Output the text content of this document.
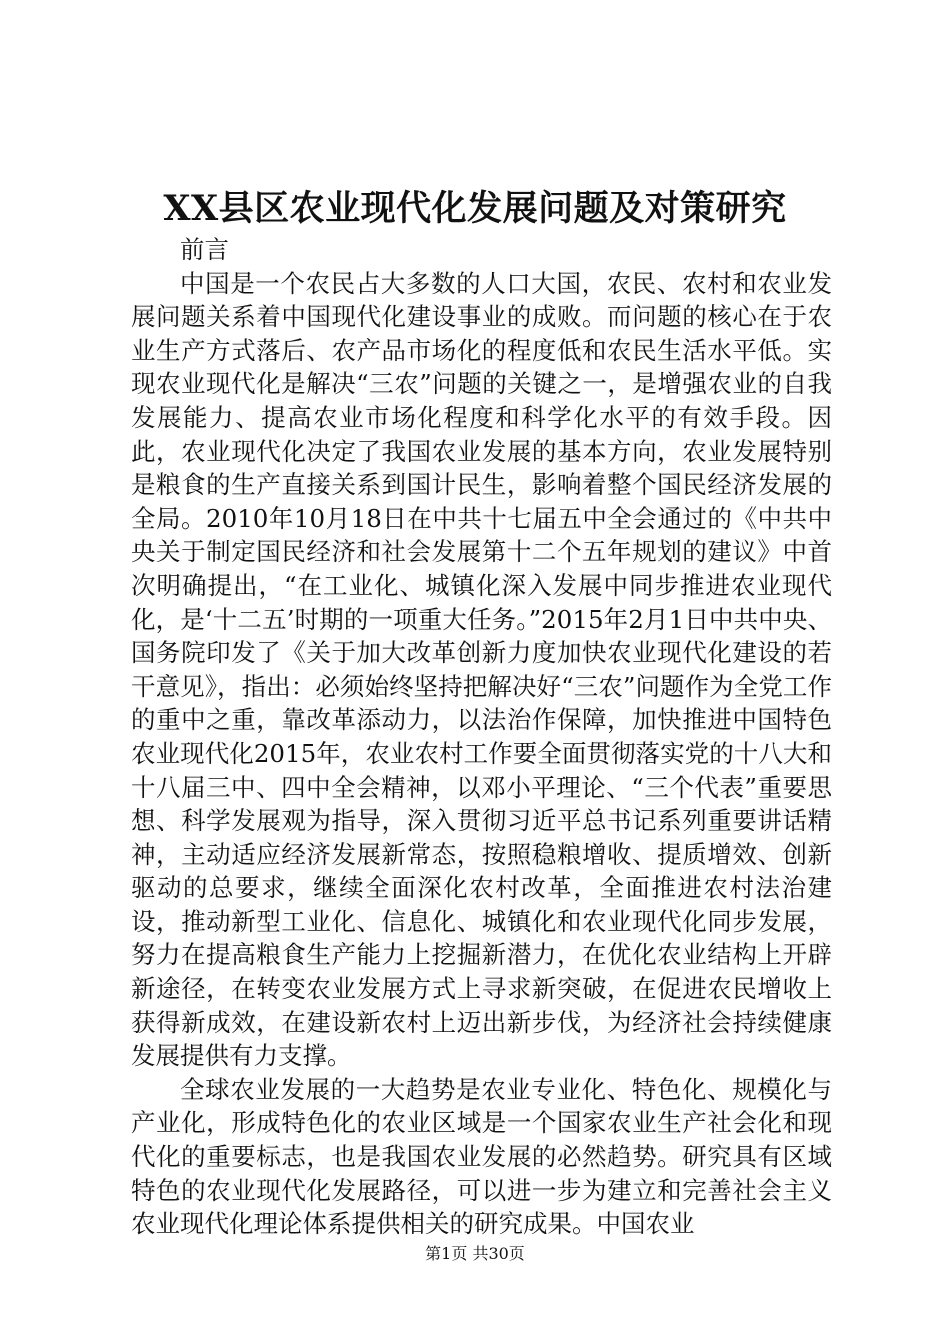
XX县区农业现代化发展问题及对策研究

前言

中国是一个农民占大多数的人口大国，农民、农村和农业发展问题关系着中国现代化建设事业的成败。而问题的核心在于农业生产方式落后、农产品市场化的程度低和农民生活水平低。实现农业现代化是解决“三农”问题的关键之一，是增强农业的自我发展能力、提高农业市场化程度和科学化水平的有效手段。因此，农业现代化决定了我国农业发展的基本方向，农业发展特别是粮食的生产直接关系到国计民生，影响着整个国民经济发展的全局。2010年10月18日在中共十七届五中全会通过的《中共中央关于制定国民经济和社会发展第十二个五年规划的建议》中首次明确提出，“在工业化、城镇化深入发展中同步推进农业现代化，是‘十二五’时期的一项重大任务。”2015年2月1日中共中央、国务院印发了《关于加大改革创新力度加快农业现代化建设的若干意见》，指出：必须始终坚持把解决好“三农”问题作为全党工作的重中之重，靠改革添动力，以法治作保障，加快推进中国特色农业现代化2015年，农业农村工作要全面贯彻落实党的十八大和十八届三中、四中全会精神，以邓小平理论、“三个代表”重要思想、科学发展观为指导，深入贯彻习近平总书记系列重要讲话精神，主动适应经济发展新常态，按照稳粮增收、提质增效、创新驱动的总要求，继续全面深化农村改革，全面推进农村法治建设，推动新型工业化、信息化、城镇化和农业现代化同步发展，努力在提高粮食生产能力上挖掘新潜力，在优化农业结构上开辟新途径，在转变农业发展方式上寻求新突破，在促进农民增收上获得新成效，在建设新农村上迈出新步伐，为经济社会持续健康发展提供有力支撑。

全球农业发展的一大趋势是农业专业化、特色化、规模化与产业化，形成特色化的农业区域是一个国家农业生产社会化和现代化的重要标志，也是我国农业发展的必然趋势。研究具有区域特色的农业现代化发展路径，可以进一步为建立和完善社会主义农业现代化理论体系提供相关的研究成果。中国农业

第1页 共30页
